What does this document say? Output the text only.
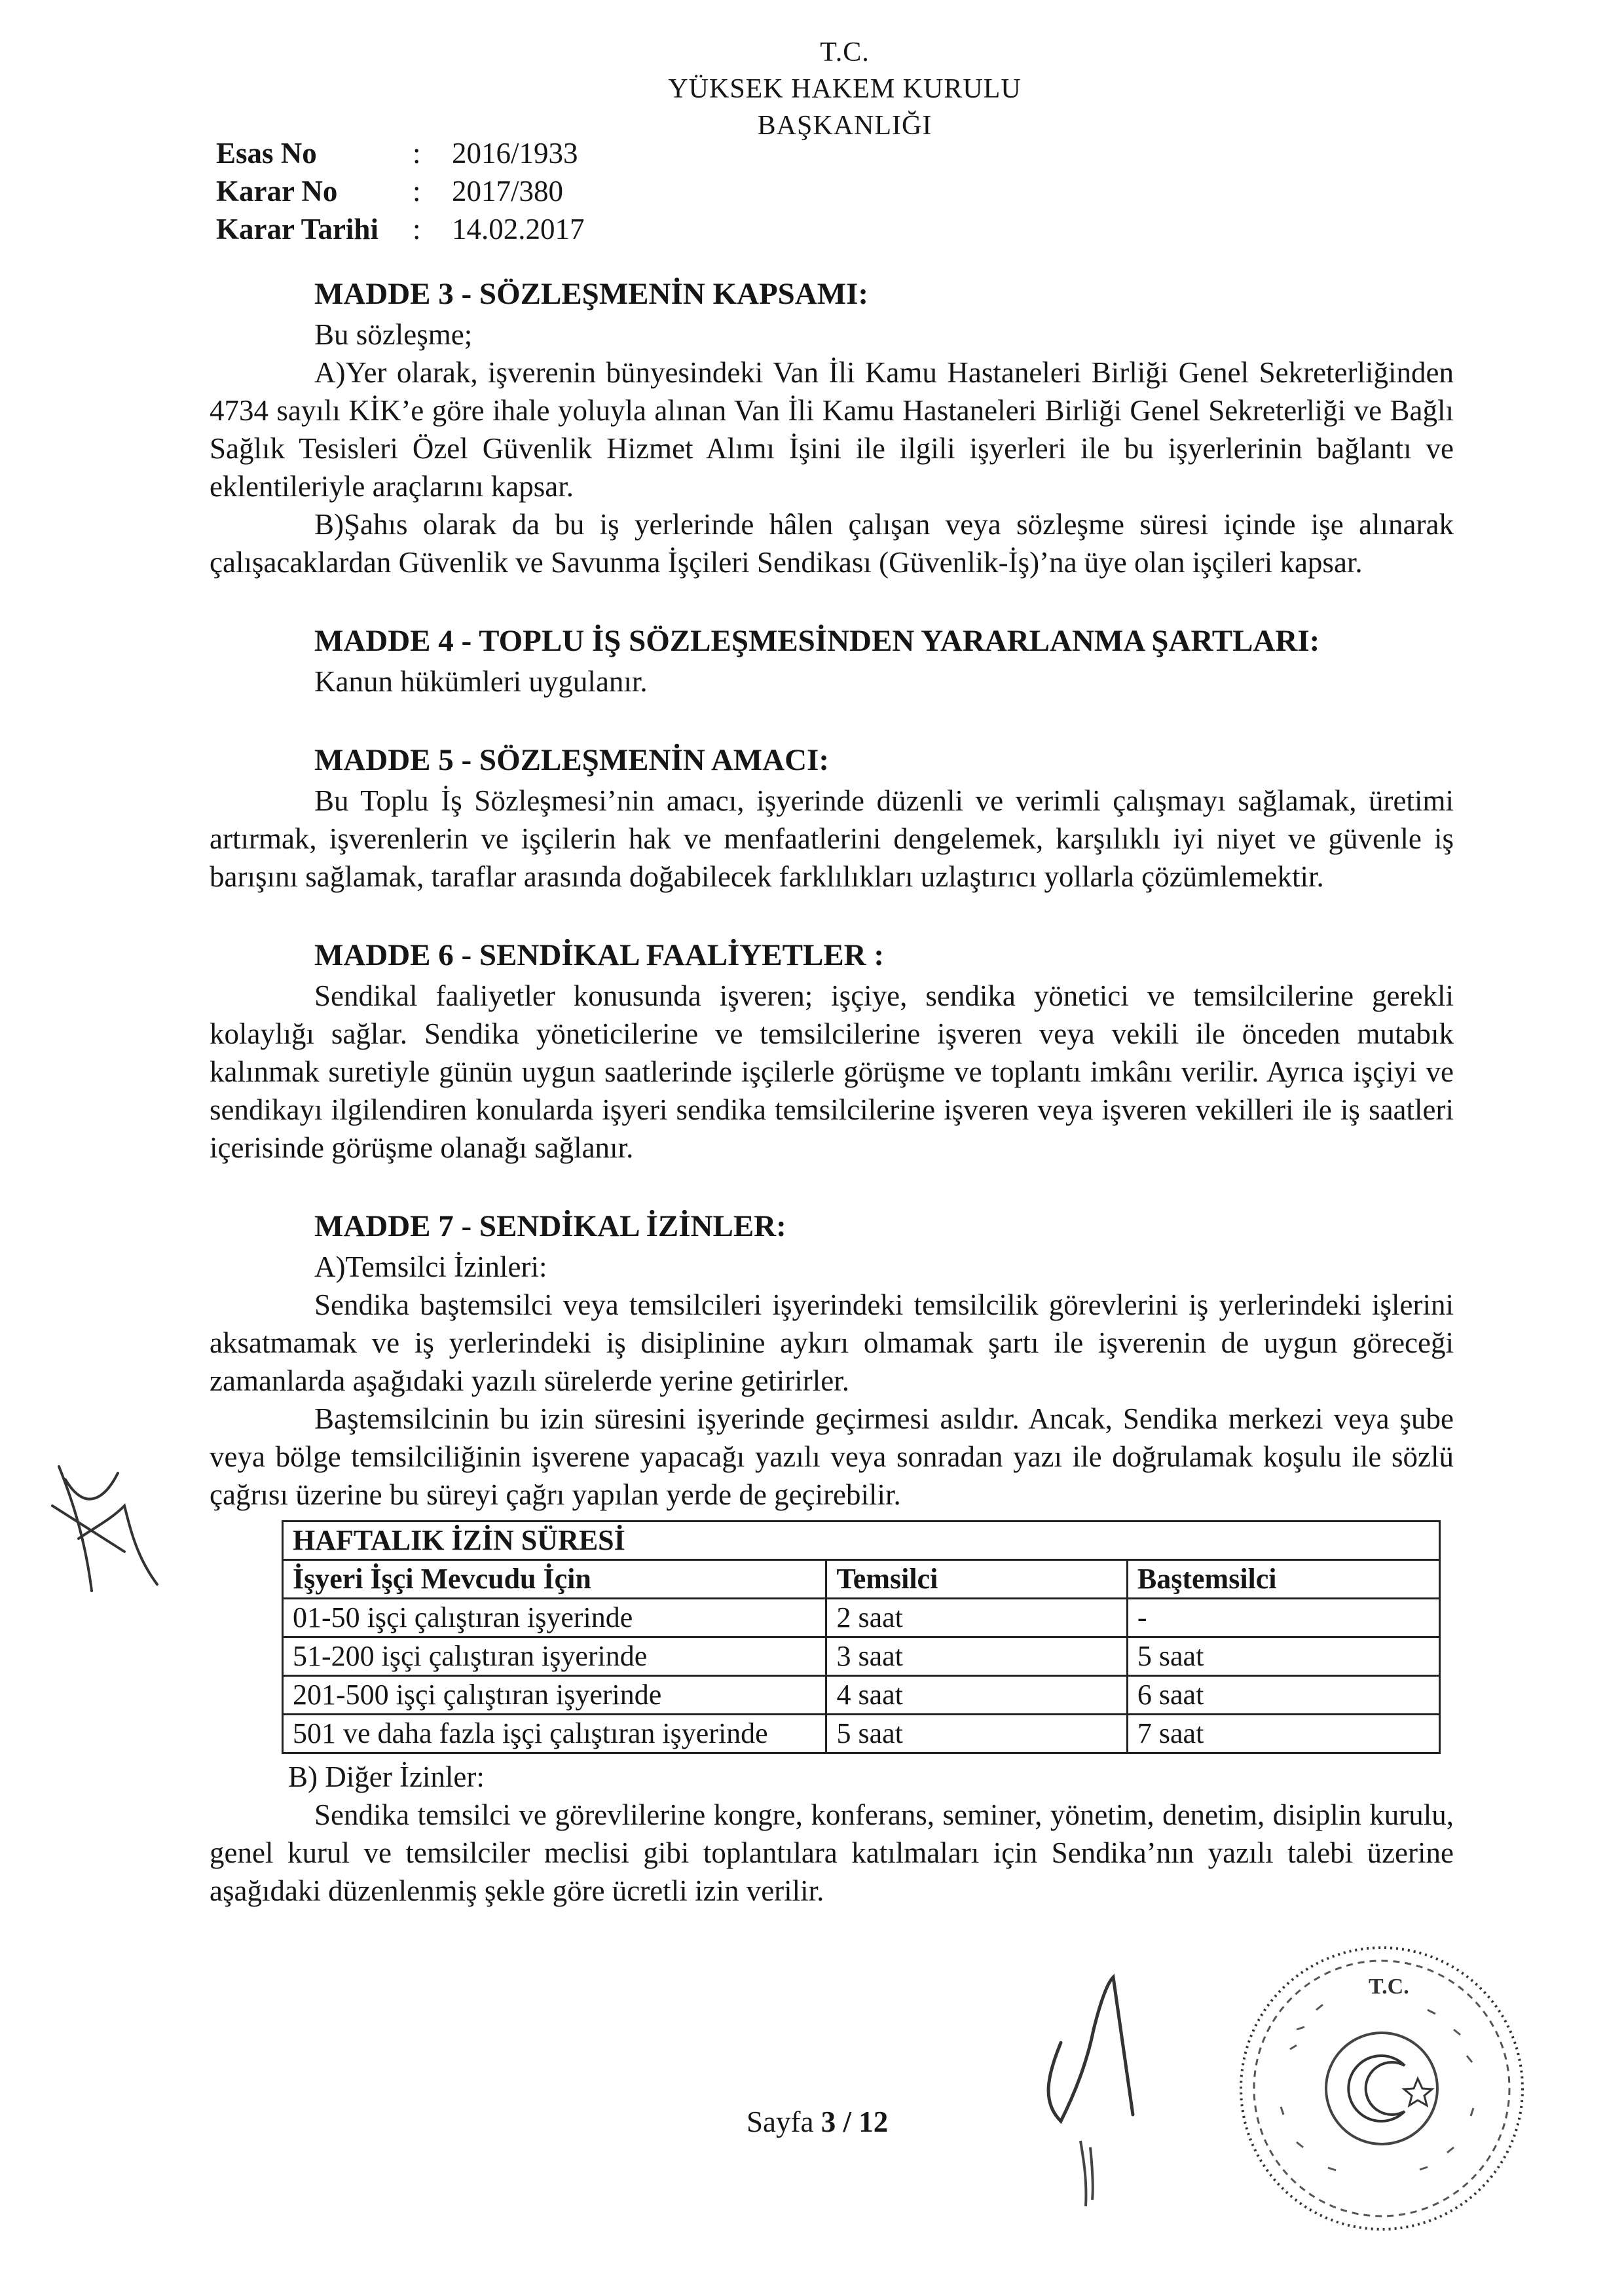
T.C.
YÜKSEK HAKEM KURULU
BAŞKANLIĞI
Esas No	:	2016/1933
Karar No	:	2017/380
Karar Tarihi	:	14.02.2017
MADDE 3 - SÖZLEŞMENİN KAPSAMI:

Bu sözleşme;

A)Yer olarak, işverenin bünyesindeki Van İli Kamu Hastaneleri Birliği Genel Sekreterliğinden 4734 sayılı KİK’e göre ihale yoluyla alınan Van İli Kamu Hastaneleri Birliği Genel Sekreterliği ve Bağlı Sağlık Tesisleri Özel Güvenlik Hizmet Alımı İşini ile ilgili işyerleri ile bu işyerlerinin bağlantı ve eklentileriyle araçlarını kapsar.

B)Şahıs olarak da bu iş yerlerinde hâlen çalışan veya sözleşme süresi içinde işe alınarak çalışacaklardan Güvenlik ve Savunma İşçileri Sendikası (Güvenlik-İş)’na üye olan işçileri kapsar.

MADDE 4 - TOPLU İŞ SÖZLEŞMESİNDEN YARARLANMA ŞARTLARI:

Kanun hükümleri uygulanır.

MADDE 5 - SÖZLEŞMENİN AMACI:

Bu Toplu İş Sözleşmesi’nin amacı, işyerinde düzenli ve verimli çalışmayı sağlamak, üretimi artırmak, işverenlerin ve işçilerin hak ve menfaatlerini dengelemek, karşılıklı iyi niyet ve güvenle iş barışını sağlamak, taraflar arasında doğabilecek farklılıkları uzlaştırıcı yollarla çözümlemektir.

MADDE 6 - SENDİKAL FAALİYETLER :

Sendikal faaliyetler konusunda işveren; işçiye, sendika yönetici ve temsilcilerine gerekli kolaylığı sağlar. Sendika yöneticilerine ve temsilcilerine işveren veya vekili ile önceden mutabık kalınmak suretiyle günün uygun saatlerinde işçilerle görüşme ve toplantı imkânı verilir. Ayrıca işçiyi ve sendikayı ilgilendiren konularda işyeri sendika temsilcilerine işveren veya işveren vekilleri ile iş saatleri içerisinde görüşme olanağı sağlanır.

MADDE 7 - SENDİKAL İZİNLER:

A)Temsilci İzinleri:

Sendika baştemsilci veya temsilcileri işyerindeki temsilcilik görevlerini iş yerlerindeki işlerini aksatmamak ve iş yerlerindeki iş disiplinine aykırı olmamak şartı ile işverenin de uygun göreceği zamanlarda aşağıdaki yazılı sürelerde yerine getirirler.

Baştemsilcinin bu izin süresini işyerinde geçirmesi asıldır. Ancak, Sendika merkezi veya şube veya bölge temsilciliğinin işverene yapacağı yazılı veya sonradan yazı ile doğrulamak koşulu ile sözlü çağrısı üzerine bu süreyi çağrı yapılan yerde de geçirebilir.

HAFTALIK İZİN SÜRESİ		
İşyeri İşçi Mevcudu İçin	Temsilci	Baştemsilci
01-50 işçi çalıştıran işyerinde	2 saat	-
51-200 işçi çalıştıran işyerinde	3 saat	5 saat
201-500 işçi çalıştıran işyerinde	4 saat	6 saat
501 ve daha fazla işçi çalıştıran işyerinde	5 saat	7 saat

B) Diğer İzinler:

Sendika temsilci ve görevlilerine kongre, konferans, seminer, yönetim, denetim, disiplin kurulu, genel kurul ve temsilciler meclisi gibi toplantılara katılmaları için Sendika’nın yazılı talebi üzerine aşağıdaki düzenlenmiş şekle göre ücretli izin verilir.

T.C.
Sayfa 3 / 12
